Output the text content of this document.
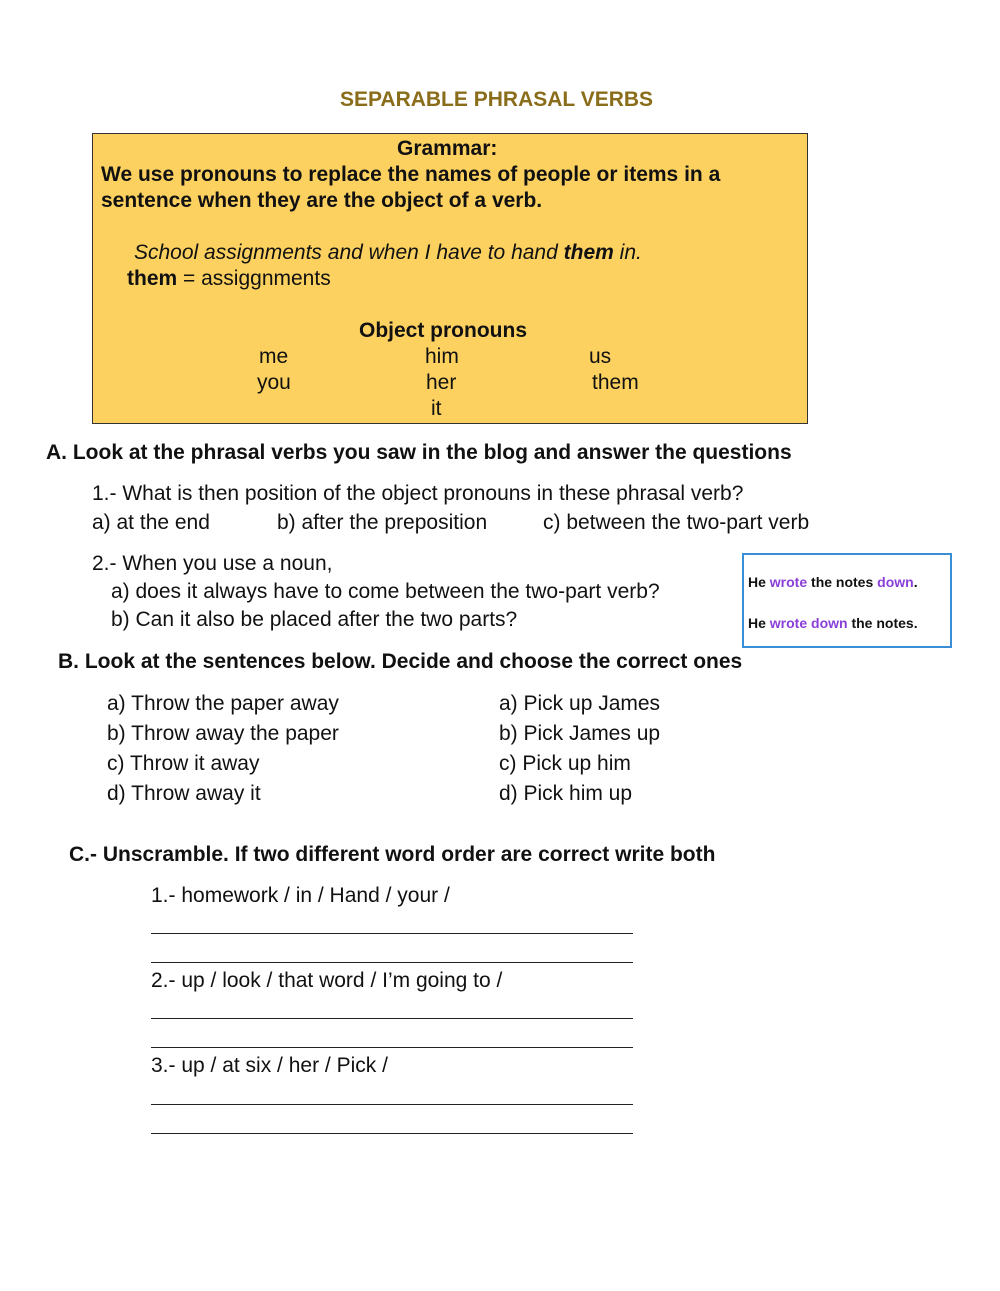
SEPARABLE PHRASAL VERBS
Grammar:
We use pronouns to replace the names of people or items in a
sentence when they are the object of a verb.
School assignments and when I have to hand them in.
them = assiggnments
Object pronouns
me	him	us
you	her	them
it
A. Look at the phrasal verbs you saw in the blog and answer the questions
1.- What is then position of the object pronouns in these phrasal verb?
a) at the end	b) after the preposition	c) between the two-part verb
2.- When you use a noun,
a) does it always have to come between the two-part verb?
b) Can it also be placed after the two parts?
He wrote the notes down.
He wrote down the notes.
B. Look at the sentences below. Decide and choose the correct ones
a) Throw the paper away
b) Throw away the paper
c) Throw it away
d) Throw away it
a) Pick up James
b) Pick James up
c) Pick up him
d) Pick him up
C.- Unscramble. If two different word order are correct write both
1.- homework / in / Hand / your /
2.- up / look / that word / I’m going to /
3.- up / at six / her / Pick /
